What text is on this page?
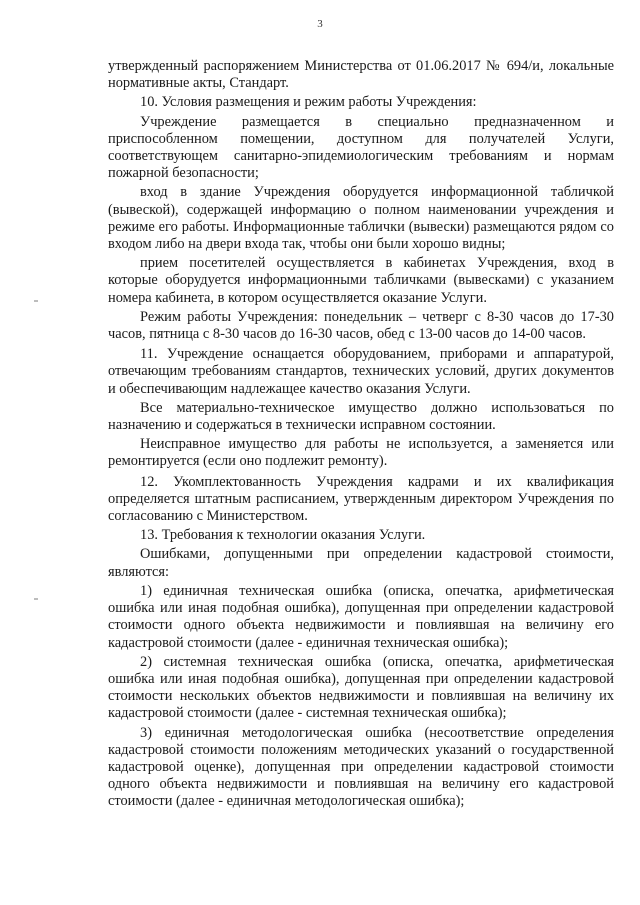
3

утвержденный распоряжением Министерства от 01.06.2017 № 694/и, локальные нормативные акты, Стандарт.

10. Условия размещения и режим работы Учреждения:

Учреждение размещается в специально предназначенном и приспособленном помещении, доступном для получателей Услуги, соответствующем санитарно-эпидемиологическим требованиям и нормам пожарной безопасности;

вход в здание Учреждения оборудуется информационной табличкой (вывеской), содержащей информацию о полном наименовании учреждения и режиме его работы. Информационные таблички (вывески) размещаются рядом со входом либо на двери входа так, чтобы они были хорошо видны;

прием посетителей осуществляется в кабинетах Учреждения, вход в которые оборудуется информационными табличками (вывесками) с указанием номера кабинета, в котором осуществляется оказание Услуги.

Режим работы Учреждения: понедельник – четверг с 8-30 часов до 17-30 часов, пятница с 8-30 часов до 16-30 часов, обед с 13-00 часов до 14-00 часов.

11. Учреждение оснащается оборудованием, приборами и аппаратурой, отвечающим требованиям стандартов, технических условий, других документов и обеспечивающим надлежащее качество оказания Услуги.

Все материально-техническое имущество должно использоваться по назначению и содержаться в технически исправном состоянии.

Неисправное имущество для работы не используется, а заменяется или ремонтируется (если оно подлежит ремонту).

12. Укомплектованность Учреждения кадрами и их квалификация определяется штатным расписанием, утвержденным директором Учреждения по согласованию с Министерством.

13. Требования к технологии оказания Услуги.

Ошибками, допущенными при определении кадастровой стоимости, являются:

1) единичная техническая ошибка (описка, опечатка, арифметическая ошибка или иная подобная ошибка), допущенная при определении кадастровой стоимости одного объекта недвижимости и повлиявшая на величину его кадастровой стоимости (далее - единичная техническая ошибка);

2) системная техническая ошибка (описка, опечатка, арифметическая ошибка или иная подобная ошибка), допущенная при определении кадастровой стоимости нескольких объектов недвижимости и повлиявшая на величину их кадастровой стоимости (далее - системная техническая ошибка);

3) единичная методологическая ошибка (несоответствие определения кадастровой стоимости положениям методических указаний о государственной кадастровой оценке), допущенная при определении кадастровой стоимости одного объекта недвижимости и повлиявшая на величину его кадастровой стоимости (далее - единичная методологическая ошибка);
